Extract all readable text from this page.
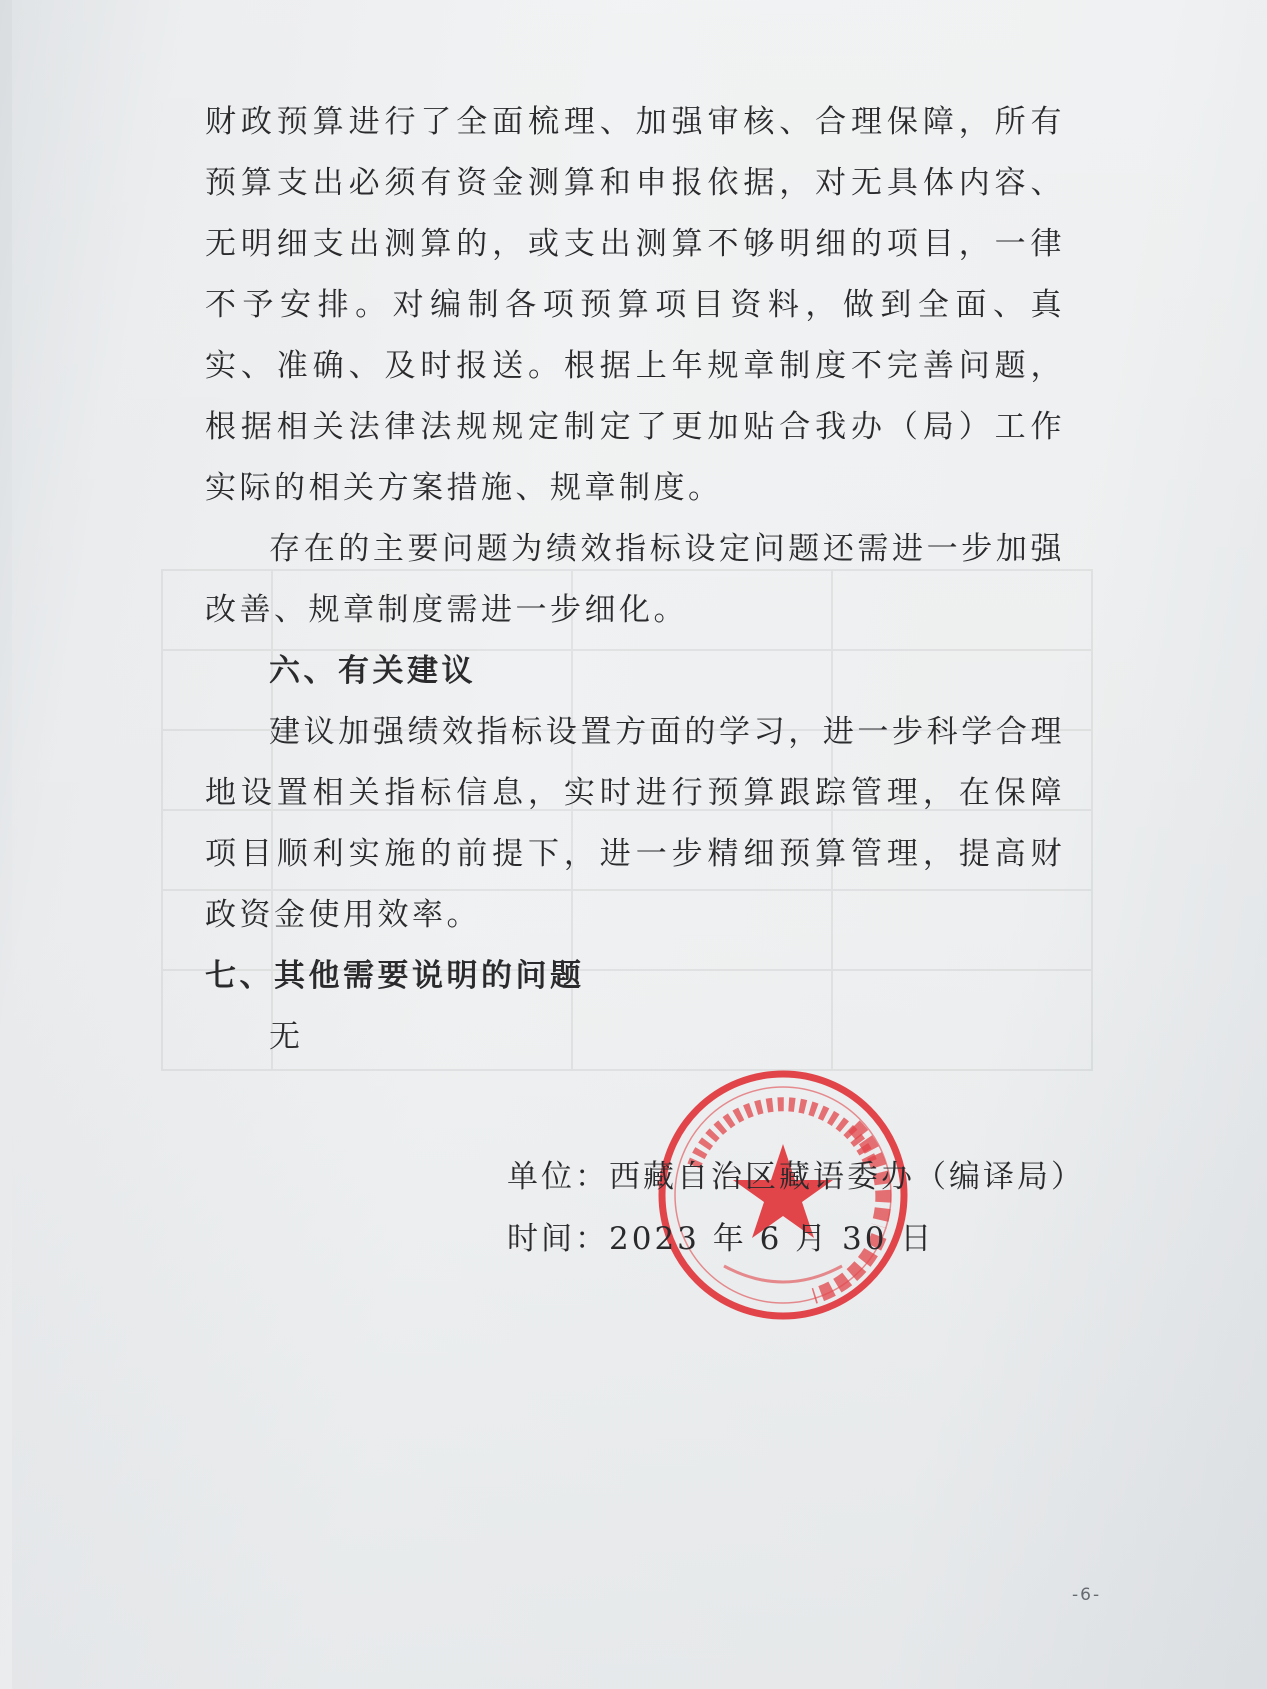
财政预算进行了全面梳理、加强审核、合理保障，所有预算支出必须有资金测算和申报依据，对无具体内容、无明细支出测算的，或支出测算不够明细的项目，一律不予安排。对编制各项预算项目资料，做到全面、真实、准确、及时报送。根据上年规章制度不完善问题，根据相关法律法规规定制定了更加贴合我办（局）工作实际的相关方案措施、规章制度。

存在的主要问题为绩效指标设定问题还需进一步加强改善、规章制度需进一步细化。

六、有关建议

建议加强绩效指标设置方面的学习，进一步科学合理地设置相关指标信息，实时进行预算跟踪管理，在保障项目顺利实施的前提下，进一步精细预算管理，提高财政资金使用效率。

七、其他需要说明的问题

无

单位：西藏自治区藏语委办（编译局）
时间：2023 年 6 月 30 日
-6-
